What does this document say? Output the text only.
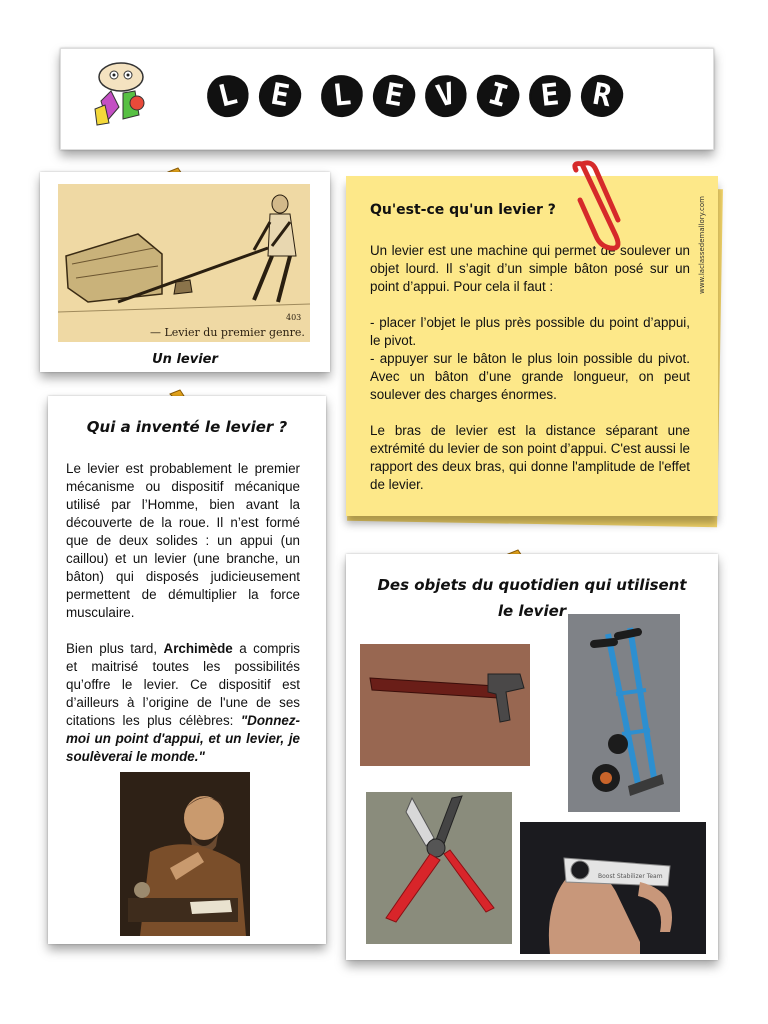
L E L E V I E R
403
— Levier du premier genre.
Un levier
Qu'est-ce qu'un levier ?	www.laclassedemallory.com

Un levier est une machine qui permet de soulever un objet lourd. Il s’agit d’un simple bâton posé sur un point d’appui. Pour cela il faut :

- placer l’objet le plus près possible du point d’appui, le pivot.
- appuyer sur le bâton le plus loin possible du pivot. Avec un bâton d’une grande longueur, on peut soulever des charges énormes.

Le bras de levier est la distance séparant une extrémité du levier de son point d’appui. C'est aussi le rapport des deux bras, qui donne l'amplitude de l'effet de levier.

Qui a inventé le levier ?

Le levier est probablement le premier mécanisme ou dispositif mécanique utilisé par l’Homme, bien avant la découverte de la roue. Il n’est formé que de deux solides : un appui (un caillou) et un levier (une branche, un bâton) qui disposés judicieusement permettent de démultiplier la force musculaire.

Bien plus tard, Archimède a compris et maitrisé toutes les possibilités qu’offre le levier. Ce dispositif est d’ailleurs à l’origine de l'une de ses citations les plus célèbres: "Donnez-moi un point d'appui, et un levier, je soulèverai le monde."

Des objets du quotidien qui utilisent
le levier
Boost Stabilizer Team
